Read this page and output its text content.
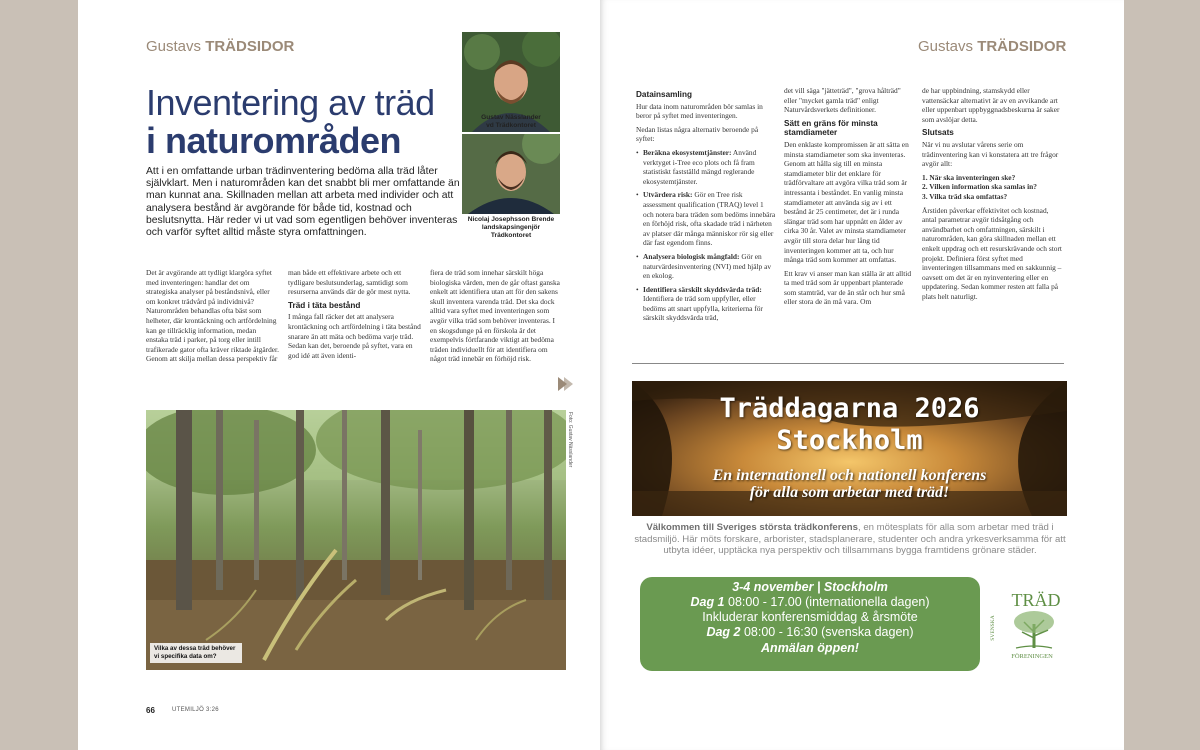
Gustavs TRÄDSIDOR
Inventering av träd
i naturområden

Att i en omfattande urban trädinventering bedöma alla träd låter självklart. Men i naturområden kan det snabbt bli mer omfattande än man kunnat ana. Skillnaden mellan att arbeta med individer och att analysera bestånd är avgörande för både tid, kostnad och beslutsnytta. Här reder vi ut vad som egentligen behöver inventeras och varför syftet alltid måste styra omfattningen.

Gustav Nässlander
vd Trädkontoret
Nicolaj Josephsson Brende
landskapsingenjör Trädkontoret

Det är avgörande att tydligt klargöra syftet med inventeringen: handlar det om strategiska analyser på beståndsnivå, eller om konkret trädvård på individnivå? Naturområden behandlas ofta bäst som helheter, där krontäckning och artfördelning kan ge tillräcklig information, medan enstaka träd i parker, på torg eller intill trafikerade gator ofta kräver riktade åtgärder. Genom att skilja mellan dessa perspektiv får

man både ett effektivare arbete och ett tydligare beslutsunderlag, samtidigt som resurserna används där de gör mest nytta.

Träd i täta bestånd

I många fall räcker det att analysera krontäckning och artfördelning i täta bestånd snarare än att mäta och bedöma varje träd. Sedan kan det, beroende på syftet, vara en god idé att även identi-

fiera de träd som innehar särskilt höga biologiska värden, men de går oftast ganska enkelt att identifiera utan att för den sakens skull inventera varenda träd. Det ska dock alltid vara syftet med inventeringen som avgör vilka träd som behöver inventeras. I en skogsdunge på en förskola är det exempelvis förtfarande viktigt att bedöma träden individuellt för att identifiera om något träd innebär en förhöjd risk.

Vilka av dessa träd behöver vi specifika data om?
Foto: Gustav Nässlander
66	UTEMILJÖ 3:26
Gustavs TRÄDSIDOR
Datainsamling

Hur data inom naturområden bör samlas in beror på syftet med inventeringen.

Nedan listas några alternativ beroende på syftet:

• Beräkna ekosystemtjänster: Använd verktyget i-Tree eco plots och få fram statistiskt fastställd mängd reglerande ekosystemtjänster.
• Utvärdera risk: Gör en Tree risk assessment qualification (TRAQ) level 1 och notera bara träden som bedöms innebära en förhöjd risk, ofta skadade träd i närheten av platser där många människor rör sig eller där fast egendom finns.
• Analysera biologisk mångfald: Gör en naturvärdesinventering (NVI) med hjälp av en ekolog.
• Identifiera särskilt skyddsvärda träd: Identifiera de träd som uppfyller, eller bedöms att snart uppfylla, kriterierna för särskilt skyddsvärda träd,

det vill säga "jätteträd", "grova hålträd" eller "mycket gamla träd" enligt Naturvårdsverkets definitioner.

Sätt en gräns för minsta stamdiameter

Den enklaste kompromissen är att sätta en minsta stamdiameter som ska inventeras. Genom att hålla sig till en minsta stamdiameter blir det enklare för trädförvaltare att avgöra vilka träd som är intressanta i beståndet. En vanlig minsta stamdiameter att använda sig av i ett bestånd är 25 centimeter, det är i runda slängar träd som har uppnått en ålder av cirka 30 år. Valet av minsta stamdiameter avgör till stora delar hur lång tid inventeringen kommer att ta, och hur många träd som kommer att omfattas.

Ett krav vi anser man kan ställa är att alltid ta med träd som är uppenbart planterade som stamträd, var de än står och hur små eller stora de än må vara. Om

de har uppbindning, stamskydd eller vattensäckar alternativt är av en avvikande art eller uppenbart uppbyggnadsbeskurna är saker som avslöjar detta.

Slutsats

När vi nu avslutar vårens serie om trädinventering kan vi konstatera att tre frågor avgör allt:

1. När ska inventeringen ske?

2. Vilken information ska samlas in?

3. Vilka träd ska omfattas?

Årstiden påverkar effektivitet och kostnad, antal parametrar avgör tidsåtgång och användbarhet och omfattningen, särskilt i naturområden, kan göra skillnaden mellan ett enkelt uppdrag och ett resurskrävande och stort projekt. Definiera först syftet med inventeringen tillsammans med en sakkunnig – oavsett om det är en nyinventering eller en uppdatering. Sedan kommer resten att falla på plats helt naturligt.

Träddagarna 2026
Stockholm
En internationell och nationell konferens
för alla som arbetar med träd!

Välkommen till Sveriges största trädkonferens, en mötesplats för alla som arbetar med träd i stadsmiljö. Här möts forskare, arborister, stadsplanerare, studenter och andra yrkesverksamma för att utbyta idéer, upptäcka nya perspektiv och tillsammans bygga framtidens grönare städer.

3-4 november | Stockholm
Dag 1 08:00 - 17.00 (internationella dagen)
Inkluderar konferensmiddag & årsmöte
Dag 2 08:00 - 16:30 (svenska dagen)
Anmälan öppen!
SVENSKA
TRÄD
FÖRENINGEN
